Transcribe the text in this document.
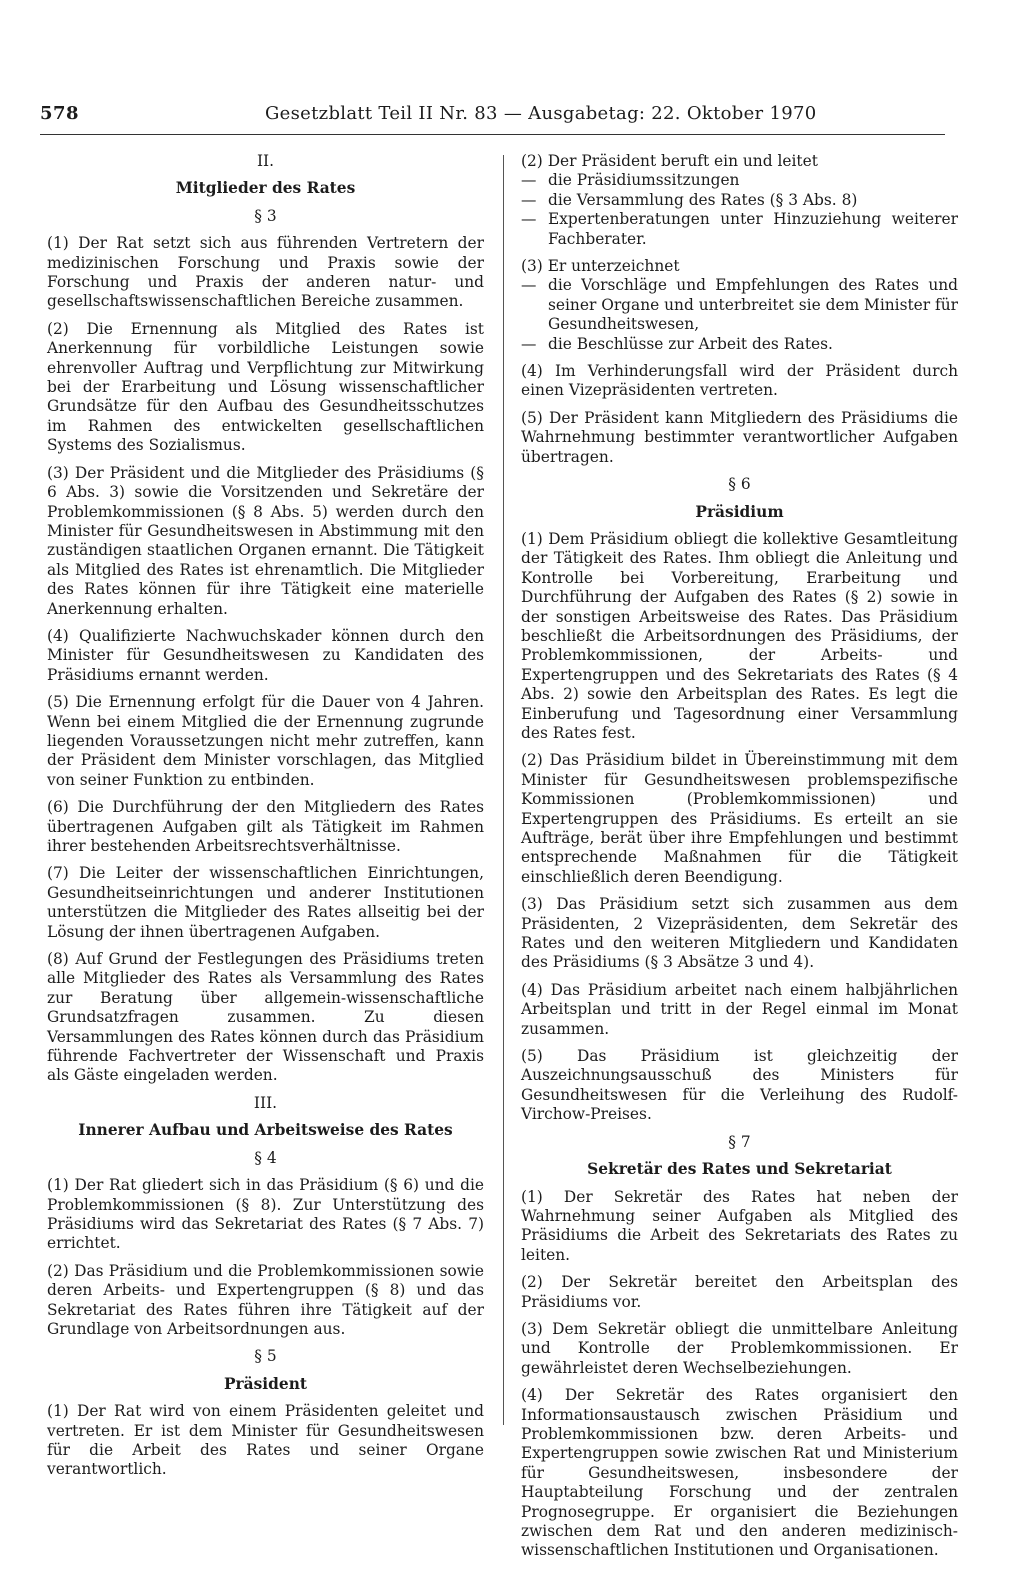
578	Gesetzblatt Teil II Nr. 83 — Ausgabetag: 22. Oktober 1970

II.

Mitglieder des Rates

§ 3

(1) Der Rat setzt sich aus führenden Vertretern der medizinischen Forschung und Praxis sowie der Forschung und Praxis der anderen natur- und gesellschaftswissenschaftlichen Bereiche zusammen.

(2) Die Ernennung als Mitglied des Rates ist Anerkennung für vorbildliche Leistungen sowie ehrenvoller Auftrag und Verpflichtung zur Mitwirkung bei der Erarbeitung und Lösung wissenschaftlicher Grundsätze für den Aufbau des Gesundheitsschutzes im Rahmen des entwickelten gesellschaftlichen Systems des Sozialismus.

(3) Der Präsident und die Mitglieder des Präsidiums (§ 6 Abs. 3) sowie die Vorsitzenden und Sekretäre der Problemkommissionen (§ 8 Abs. 5) werden durch den Minister für Gesundheitswesen in Abstimmung mit den zuständigen staatlichen Organen ernannt. Die Tätigkeit als Mitglied des Rates ist ehrenamtlich. Die Mitglieder des Rates können für ihre Tätigkeit eine materielle Anerkennung erhalten.

(4) Qualifizierte Nachwuchskader können durch den Minister für Gesundheitswesen zu Kandidaten des Präsidiums ernannt werden.

(5) Die Ernennung erfolgt für die Dauer von 4 Jahren. Wenn bei einem Mitglied die der Ernennung zugrunde liegenden Voraussetzungen nicht mehr zutreffen, kann der Präsident dem Minister vorschlagen, das Mitglied von seiner Funktion zu entbinden.

(6) Die Durchführung der den Mitgliedern des Rates übertragenen Aufgaben gilt als Tätigkeit im Rahmen ihrer bestehenden Arbeitsrechtsverhältnisse.

(7) Die Leiter der wissenschaftlichen Einrichtungen, Gesundheitseinrichtungen und anderer Institutionen unterstützen die Mitglieder des Rates allseitig bei der Lösung der ihnen übertragenen Aufgaben.

(8) Auf Grund der Festlegungen des Präsidiums treten alle Mitglieder des Rates als Versammlung des Rates zur Beratung über allgemein-wissenschaftliche Grundsatzfragen zusammen. Zu diesen Versammlungen des Rates können durch das Präsidium führende Fachvertreter der Wissenschaft und Praxis als Gäste eingeladen werden.

III.

Innerer Aufbau und Arbeitsweise des Rates

§ 4

(1) Der Rat gliedert sich in das Präsidium (§ 6) und die Problemkommissionen (§ 8). Zur Unterstützung des Präsidiums wird das Sekretariat des Rates (§ 7 Abs. 7) errichtet.

(2) Das Präsidium und die Problemkommissionen sowie deren Arbeits- und Expertengruppen (§ 8) und das Sekretariat des Rates führen ihre Tätigkeit auf der Grundlage von Arbeitsordnungen aus.

§ 5

Präsident

(1) Der Rat wird von einem Präsidenten geleitet und vertreten. Er ist dem Minister für Gesundheitswesen für die Arbeit des Rates und seiner Organe verantwortlich.

(2) Der Präsident beruft ein und leitet

— die Präsidiumssitzungen
— die Versammlung des Rates (§ 3 Abs. 8)
— Expertenberatungen unter Hinzuziehung weiterer Fachberater.

(3) Er unterzeichnet

— die Vorschläge und Empfehlungen des Rates und seiner Organe und unterbreitet sie dem Minister für Gesundheitswesen,
— die Beschlüsse zur Arbeit des Rates.

(4) Im Verhinderungsfall wird der Präsident durch einen Vizepräsidenten vertreten.

(5) Der Präsident kann Mitgliedern des Präsidiums die Wahrnehmung bestimmter verantwortlicher Aufgaben übertragen.

§ 6

Präsidium

(1) Dem Präsidium obliegt die kollektive Gesamtleitung der Tätigkeit des Rates. Ihm obliegt die Anleitung und Kontrolle bei Vorbereitung, Erarbeitung und Durchführung der Aufgaben des Rates (§ 2) sowie in der sonstigen Arbeitsweise des Rates. Das Präsidium beschließt die Arbeitsordnungen des Präsidiums, der Problemkommissionen, der Arbeits- und Expertengruppen und des Sekretariats des Rates (§ 4 Abs. 2) sowie den Arbeitsplan des Rates. Es legt die Einberufung und Tagesordnung einer Versammlung des Rates fest.

(2) Das Präsidium bildet in Übereinstimmung mit dem Minister für Gesundheitswesen problemspezifische Kommissionen (Problemkommissionen) und Expertengruppen des Präsidiums. Es erteilt an sie Aufträge, berät über ihre Empfehlungen und bestimmt entsprechende Maßnahmen für die Tätigkeit einschließlich deren Beendigung.

(3) Das Präsidium setzt sich zusammen aus dem Präsidenten, 2 Vizepräsidenten, dem Sekretär des Rates und den weiteren Mitgliedern und Kandidaten des Präsidiums (§ 3 Absätze 3 und 4).

(4) Das Präsidium arbeitet nach einem halbjährlichen Arbeitsplan und tritt in der Regel einmal im Monat zusammen.

(5) Das Präsidium ist gleichzeitig der Auszeichnungsausschuß des Ministers für Gesundheitswesen für die Verleihung des Rudolf-Virchow-Preises.

§ 7

Sekretär des Rates und Sekretariat

(1) Der Sekretär des Rates hat neben der Wahrnehmung seiner Aufgaben als Mitglied des Präsidiums die Arbeit des Sekretariats des Rates zu leiten.

(2) Der Sekretär bereitet den Arbeitsplan des Präsidiums vor.

(3) Dem Sekretär obliegt die unmittelbare Anleitung und Kontrolle der Problemkommissionen. Er gewährleistet deren Wechselbeziehungen.

(4) Der Sekretär des Rates organisiert den Informationsaustausch zwischen Präsidium und Problemkommissionen bzw. deren Arbeits- und Expertengruppen sowie zwischen Rat und Ministerium für Gesundheitswesen, insbesondere der Hauptabteilung Forschung und der zentralen Prognosegruppe. Er organisiert die Beziehungen zwischen dem Rat und den anderen medizinisch-wissenschaftlichen Institutionen und Organisationen.
